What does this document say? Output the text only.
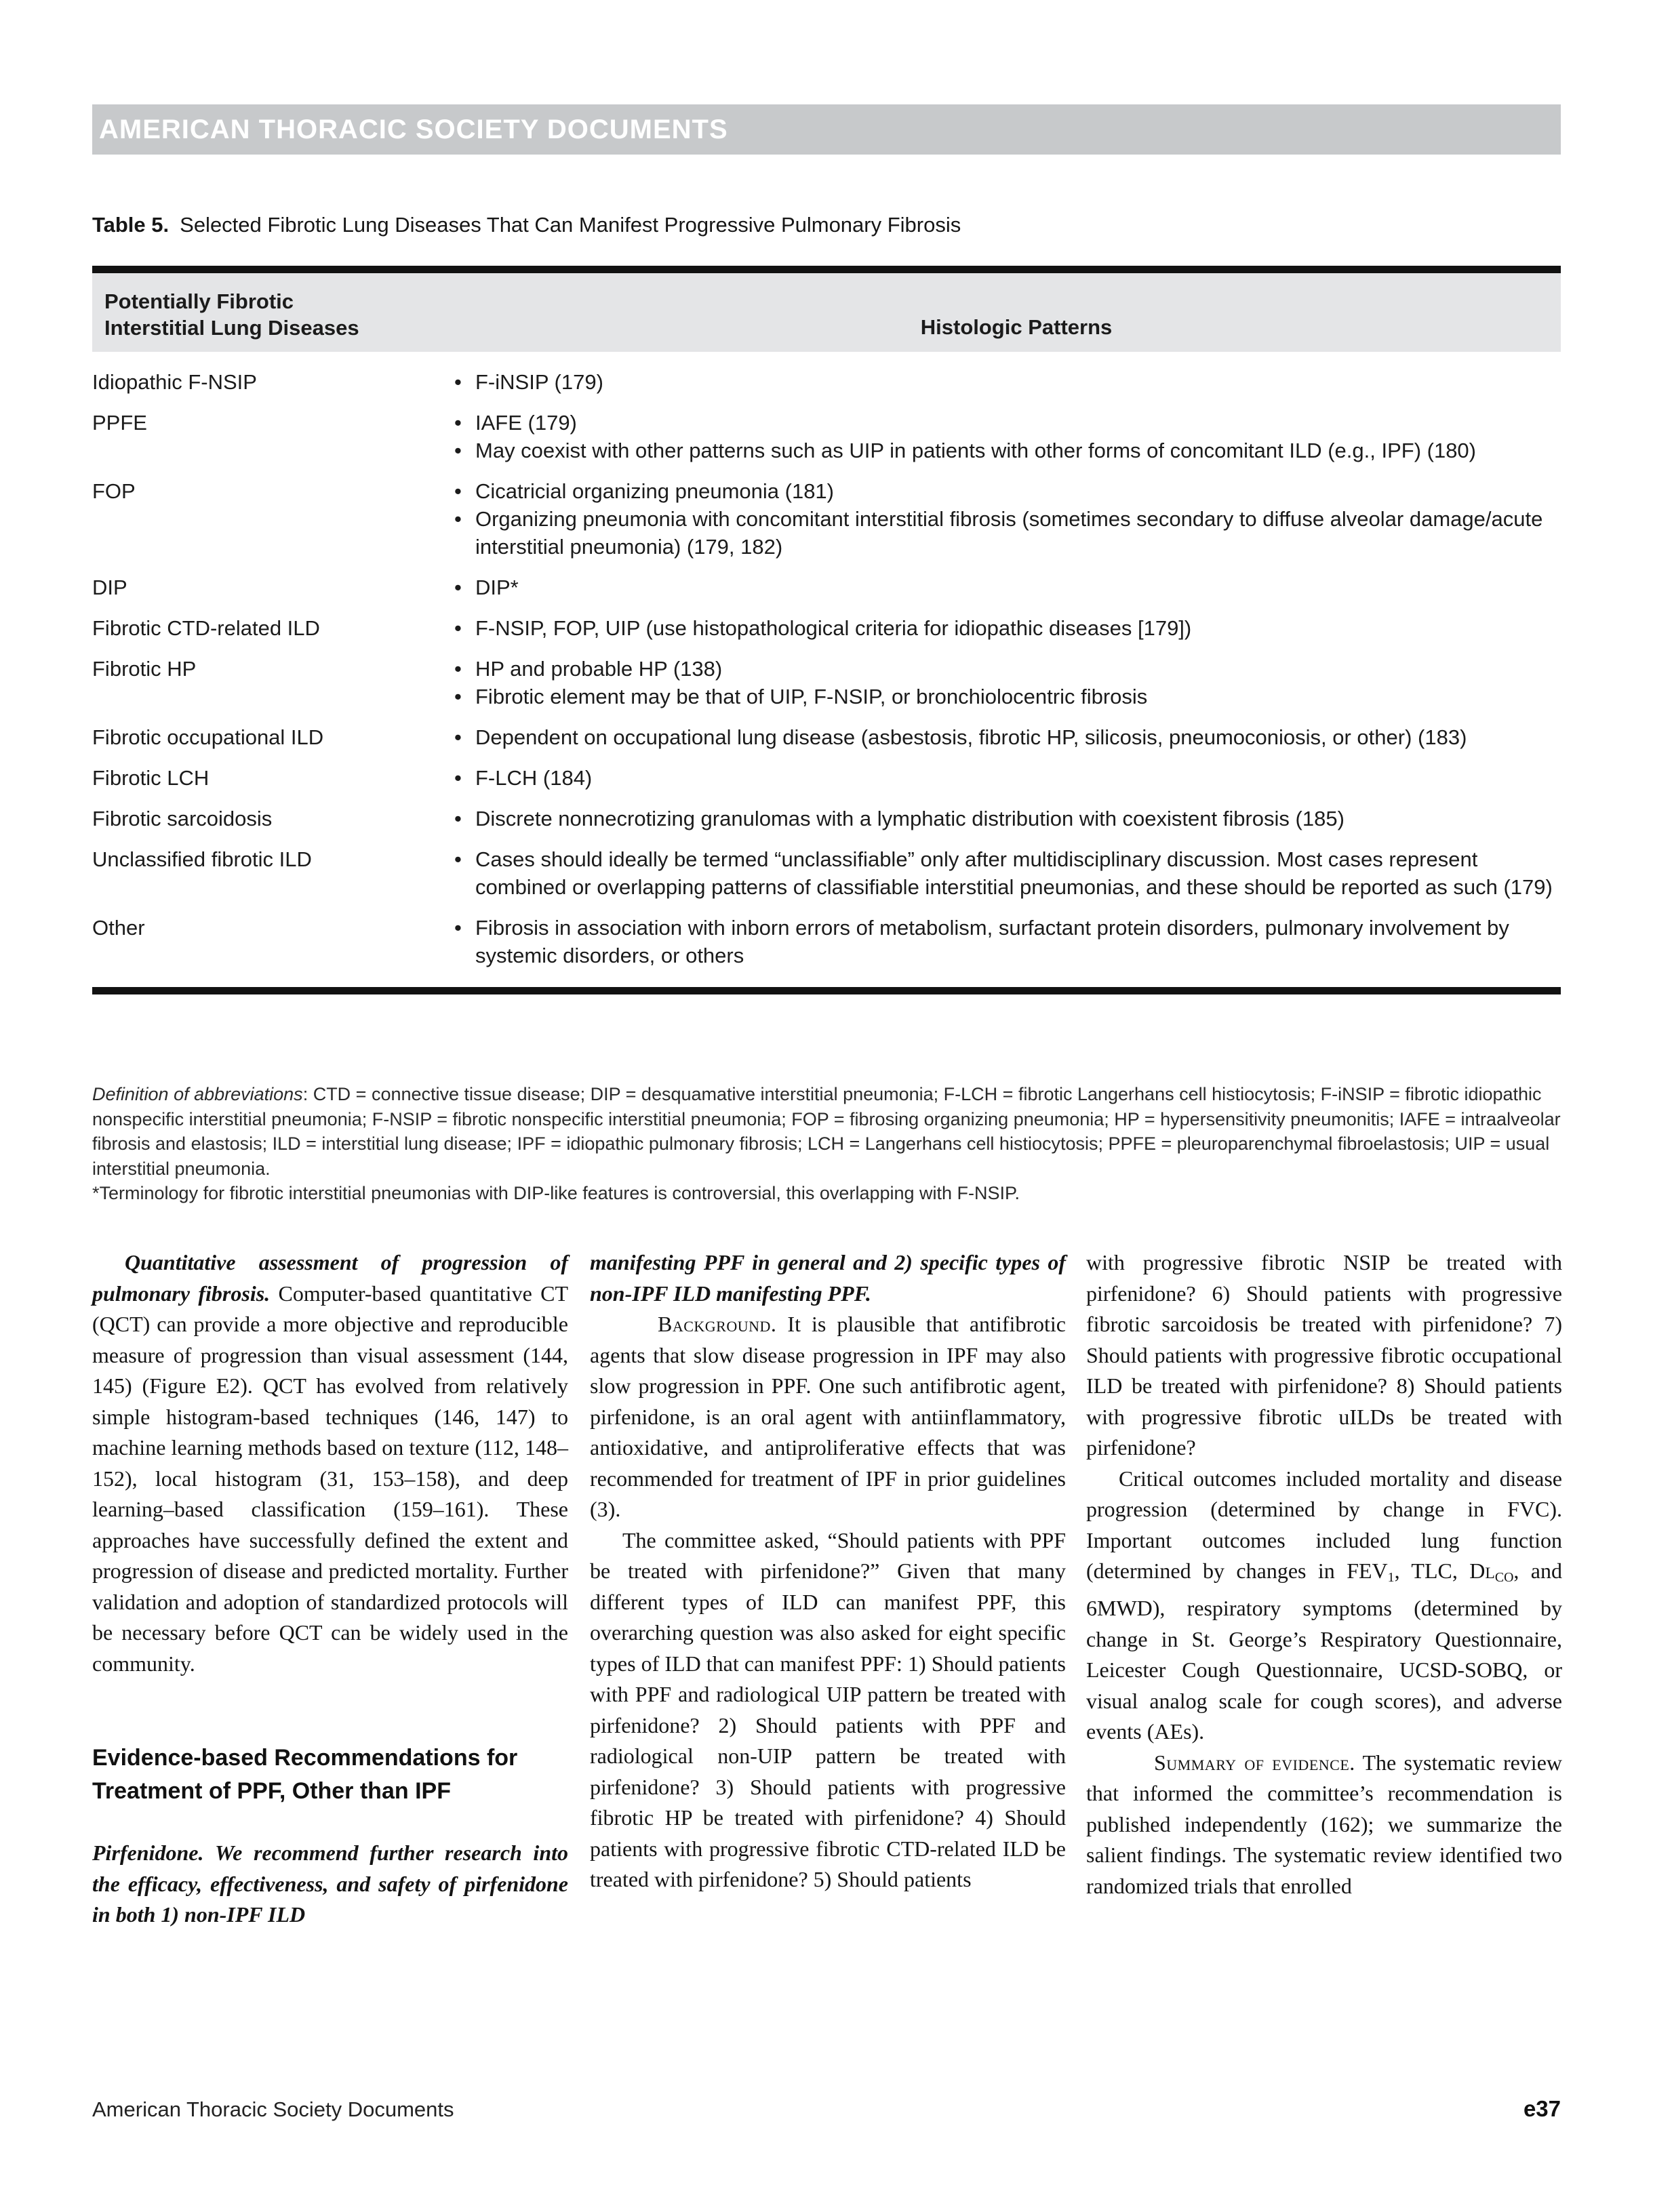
AMERICAN THORACIC SOCIETY DOCUMENTS
Table 5. Selected Fibrotic Lung Diseases That Can Manifest Progressive Pulmonary Fibrosis
Potentially Fibrotic
Interstitial Lung Diseases	Histologic Patterns
Idiopathic F-NSIP	• F-iNSIP (179)
PPFE	• IAFE (179)
• May coexist with other patterns such as UIP in patients with other forms of concomitant ILD (e.g., IPF) (180)
FOP	• Cicatricial organizing pneumonia (181)
• Organizing pneumonia with concomitant interstitial fibrosis (sometimes secondary to diffuse alveolar damage/acute interstitial pneumonia) (179, 182)
DIP	• DIP*
Fibrotic CTD-related ILD	• F-NSIP, FOP, UIP (use histopathological criteria for idiopathic diseases [179])
Fibrotic HP	• HP and probable HP (138)
• Fibrotic element may be that of UIP, F-NSIP, or bronchiolocentric fibrosis
Fibrotic occupational ILD	• Dependent on occupational lung disease (asbestosis, fibrotic HP, silicosis, pneumoconiosis, or other) (183)
Fibrotic LCH	• F-LCH (184)
Fibrotic sarcoidosis	• Discrete nonnecrotizing granulomas with a lymphatic distribution with coexistent fibrosis (185)
Unclassified fibrotic ILD	• Cases should ideally be termed “unclassifiable” only after multidisciplinary discussion. Most cases represent combined or overlapping patterns of classifiable interstitial pneumonias, and these should be reported as such (179)
Other	• Fibrosis in association with inborn errors of metabolism, surfactant protein disorders, pulmonary involvement by systemic disorders, or others

Definition of abbreviations: CTD = connective tissue disease; DIP = desquamative interstitial pneumonia; F-LCH = fibrotic Langerhans cell histiocytosis; F-iNSIP = fibrotic idiopathic nonspecific interstitial pneumonia; F-NSIP = fibrotic nonspecific interstitial pneumonia; FOP = fibrosing organizing pneumonia; HP = hypersensitivity pneumonitis; IAFE = intraalveolar fibrosis and elastosis; ILD = interstitial lung disease; IPF = idiopathic pulmonary fibrosis; LCH = Langerhans cell histiocytosis; PPFE = pleuroparenchymal fibroelastosis; UIP = usual interstitial pneumonia.

*Terminology for fibrotic interstitial pneumonias with DIP-like features is controversial, this overlapping with F-NSIP.

Quantitative assessment of progression of pulmonary fibrosis. Computer-based quantitative CT (QCT) can provide a more objective and reproducible measure of progression than visual assessment (144, 145) (Figure E2). QCT has evolved from relatively simple histogram-based techniques (146, 147) to machine learning methods based on texture (112, 148–152), local histogram (31, 153–158), and deep learning–based classification (159–161). These approaches have successfully defined the extent and progression of disease and predicted mortality. Further validation and adoption of standardized protocols will be necessary before QCT can be widely used in the community.

Evidence-based Recommendations for Treatment of PPF, Other than IPF

Pirfenidone. We recommend further research into the efficacy, effectiveness, and safety of pirfenidone in both 1) non-IPF ILD

manifesting PPF in general and 2) specific types of non-IPF ILD manifesting PPF.

Background. It is plausible that antifibrotic agents that slow disease progression in IPF may also slow progression in PPF. One such antifibrotic agent, pirfenidone, is an oral agent with antiinflammatory, antioxidative, and antiproliferative effects that was recommended for treatment of IPF in prior guidelines (3).

The committee asked, “Should patients with PPF be treated with pirfenidone?” Given that many different types of ILD can manifest PPF, this overarching question was also asked for eight specific types of ILD that can manifest PPF: 1) Should patients with PPF and radiological UIP pattern be treated with pirfenidone? 2) Should patients with PPF and radiological non-UIP pattern be treated with pirfenidone? 3) Should patients with progressive fibrotic HP be treated with pirfenidone? 4) Should patients with progressive fibrotic CTD-related ILD be treated with pirfenidone? 5) Should patients

with progressive fibrotic NSIP be treated with pirfenidone? 6) Should patients with progressive fibrotic sarcoidosis be treated with pirfenidone? 7) Should patients with progressive fibrotic occupational ILD be treated with pirfenidone? 8) Should patients with progressive fibrotic uILDs be treated with pirfenidone?

Critical outcomes included mortality and disease progression (determined by change in FVC). Important outcomes included lung function (determined by changes in $FEV_1$, TLC, $DL_{CO}$, and 6MWD), respiratory symptoms (determined by change in St. George’s Respiratory Questionnaire, Leicester Cough Questionnaire, UCSD-SOBQ, or visual analog scale for cough scores), and adverse events (AEs).

Summary of evidence. The systematic review that informed the committee’s recommendation is published independently (162); we summarize the salient findings. The systematic review identified two randomized trials that enrolled

American Thoracic Society Documents	e37
